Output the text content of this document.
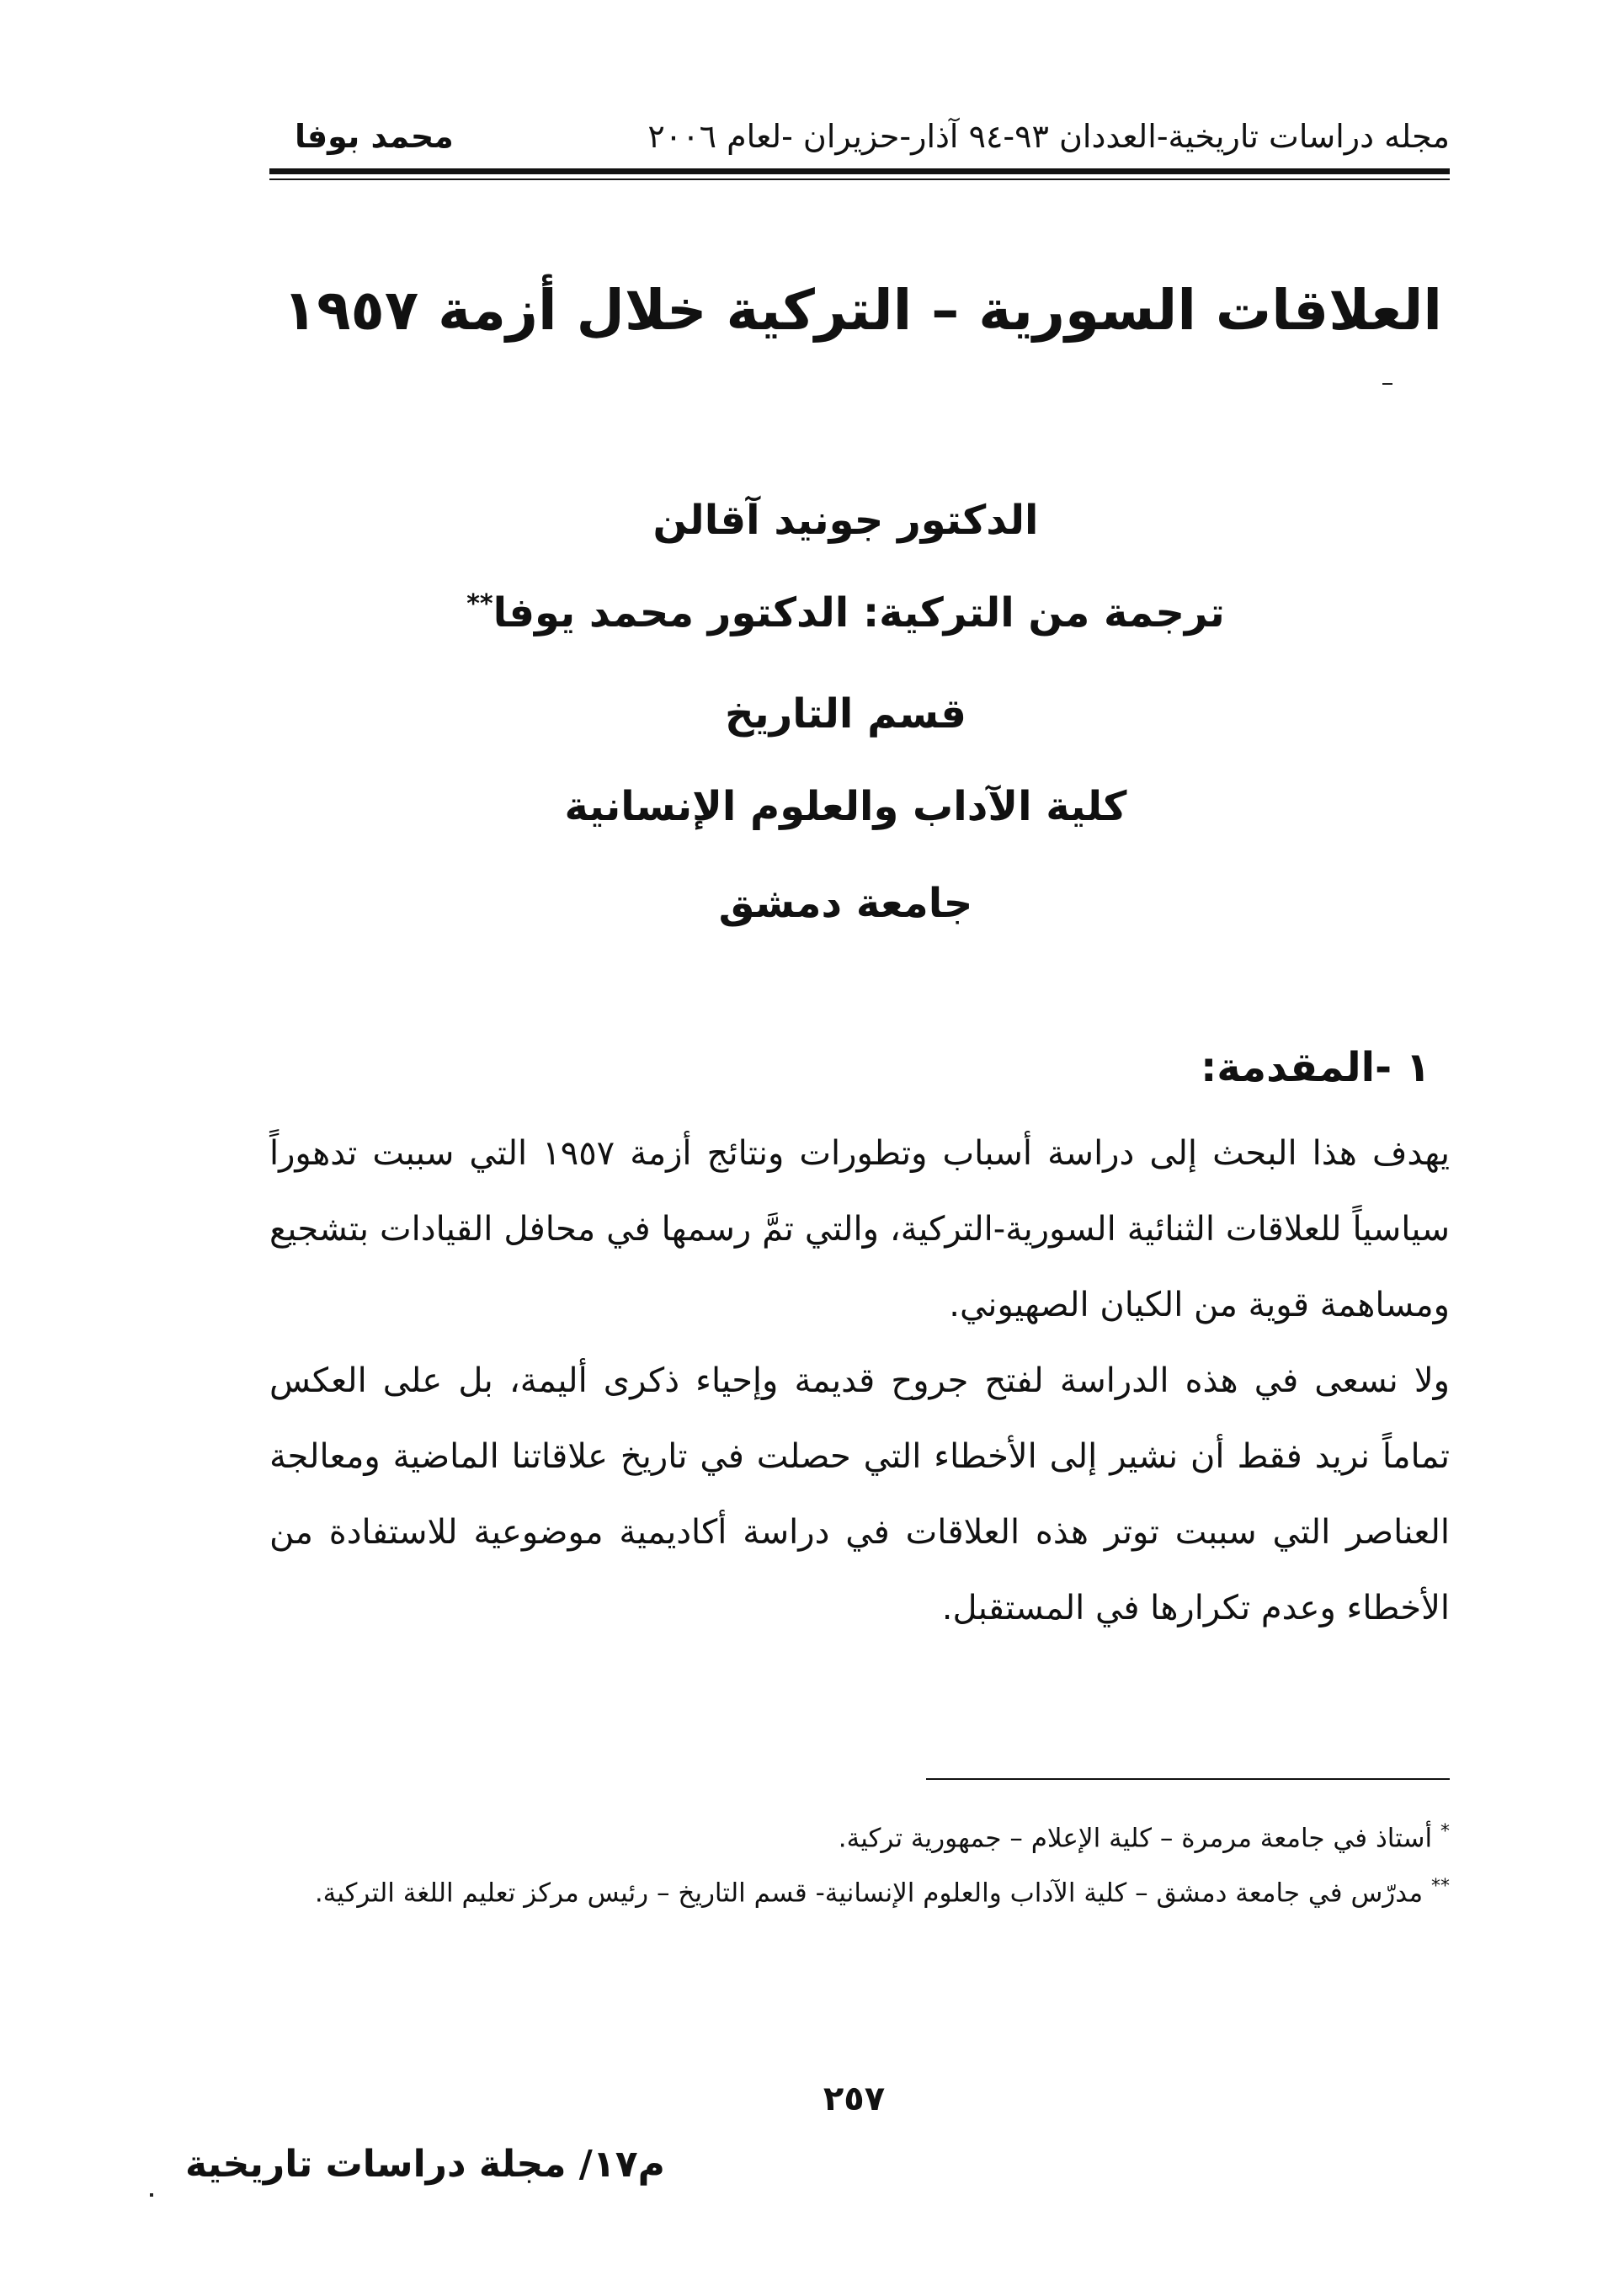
مجله دراسات تاريخية-العددان ٩٣-٩٤ آذار-حزيران -لعام ٢٠٠٦
محمد بوفا
العلاقات السورية – التركية خلال أزمة ١٩٥٧
الدكتور جونيد آقالن
ترجمة من التركية: الدكتور محمد يوفا**
قسم التاريخ
كلية الآداب والعلوم الإنسانية
جامعة دمشق
١ -المقدمة:
يهدف هذا البحث إلى دراسة أسباب وتطورات ونتائج أزمة ١٩٥٧ التي سببت تدهوراً سياسياً للعلاقات الثنائية السورية-التركية، والتي تمَّ رسمها في محافل القيادات بتشجيع ومساهمة قوية من الكيان الصهيوني.
ولا نسعى في هذه الدراسة لفتح جروح قديمة وإحياء ذكرى أليمة، بل على العكس تماماً نريد فقط أن نشير إلى الأخطاء التي حصلت في تاريخ علاقاتنا الماضية ومعالجة العناصر التي سببت توتر هذه العلاقات في دراسة أكاديمية موضوعية للاستفادة من الأخطاء وعدم تكرارها في المستقبل.
* أستاذ في جامعة مرمرة – كلية الإعلام – جمهورية تركية.
** مدرّس في جامعة دمشق – كلية الآداب والعلوم الإنسانية- قسم التاريخ – رئيس مركز تعليم اللغة التركية.
٢٥٧
م١٧/ مجلة دراسات تاريخية
